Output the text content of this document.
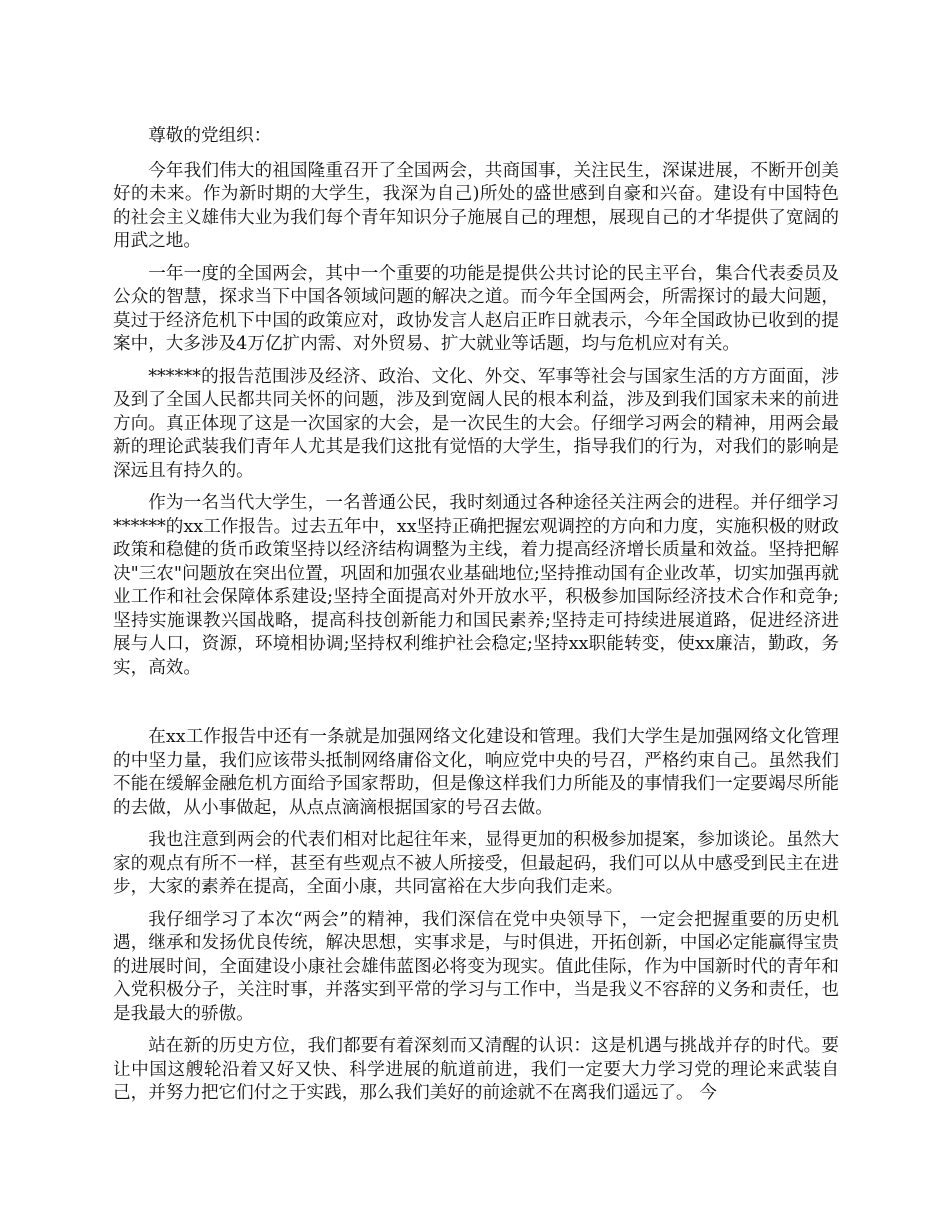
尊敬的党组织：

今年我们伟大的祖国隆重召开了全国两会，共商国事，关注民生，深谋进展，不断开创美好的未来。作为新时期的大学生，我深为自己)所处的盛世感到自豪和兴奋。建设有中国特色的社会主义雄伟大业为我们每个青年知识分子施展自己的理想，展现自己的才华提供了宽阔的用武之地。

一年一度的全国两会，其中一个重要的功能是提供公共讨论的民主平台，集合代表委员及公众的智慧，探求当下中国各领域问题的解决之道。而今年全国两会，所需探讨的最大问题，莫过于经济危机下中国的政策应对，政协发言人赵启正昨日就表示，今年全国政协已收到的提案中，大多涉及4万亿扩内需、对外贸易、扩大就业等话题，均与危机应对有关。

******的报告范围涉及经济、政治、文化、外交、军事等社会与国家生活的方方面面，涉及到了全国人民都共同关怀的问题，涉及到宽阔人民的根本利益，涉及到我们国家未来的前进方向。真正体现了这是一次国家的大会，是一次民生的大会。仔细学习两会的精神，用两会最新的理论武装我们青年人尤其是我们这批有觉悟的大学生，指导我们的行为，对我们的影响是深远且有持久的。

作为一名当代大学生，一名普通公民，我时刻通过各种途径关注两会的进程。并仔细学习******的xx工作报告。过去五年中，xx坚持正确把握宏观调控的方向和力度，实施积极的财政政策和稳健的货币政策坚持以经济结构调整为主线，着力提高经济增长质量和效益。坚持把解决"三农"问题放在突出位置，巩固和加强农业基础地位;坚持推动国有企业改革，切实加强再就业工作和社会保障体系建设;坚持全面提高对外开放水平，积极参加国际经济技术合作和竞争;坚持实施课教兴国战略，提高科技创新能力和国民素养;坚持走可持续进展道路，促进经济进展与人口，资源，环境相协调;坚持权利维护社会稳定;坚持xx职能转变，使xx廉洁，勤政，务实，高效。

在xx工作报告中还有一条就是加强网络文化建设和管理。我们大学生是加强网络文化管理的中坚力量，我们应该带头抵制网络庸俗文化，响应党中央的号召，严格约束自己。虽然我们不能在缓解金融危机方面给予国家帮助，但是像这样我们力所能及的事情我们一定要竭尽所能的去做，从小事做起，从点点滴滴根据国家的号召去做。

我也注意到两会的代表们相对比起往年来，显得更加的积极参加提案，参加谈论。虽然大家的观点有所不一样，甚至有些观点不被人所接受，但最起码，我们可以从中感受到民主在进步，大家的素养在提高，全面小康，共同富裕在大步向我们走来。

我仔细学习了本次“两会”的精神，我们深信在党中央领导下，一定会把握重要的历史机遇，继承和发扬优良传统，解决思想，实事求是，与时俱进，开拓创新，中国必定能赢得宝贵的进展时间，全面建设小康社会雄伟蓝图必将变为现实。值此佳际，作为中国新时代的青年和入党积极分子，关注时事，并落实到平常的学习与工作中，当是我义不容辞的义务和责任，也是我最大的骄傲。

站在新的历史方位，我们都要有着深刻而又清醒的认识：这是机遇与挑战并存的时代。要让中国这艘轮沿着又好又快、科学进展的航道前进，我们一定要大力学习党的理论来武装自己，并努力把它们付之于实践，那么我们美好的前途就不在离我们遥远了。 今
